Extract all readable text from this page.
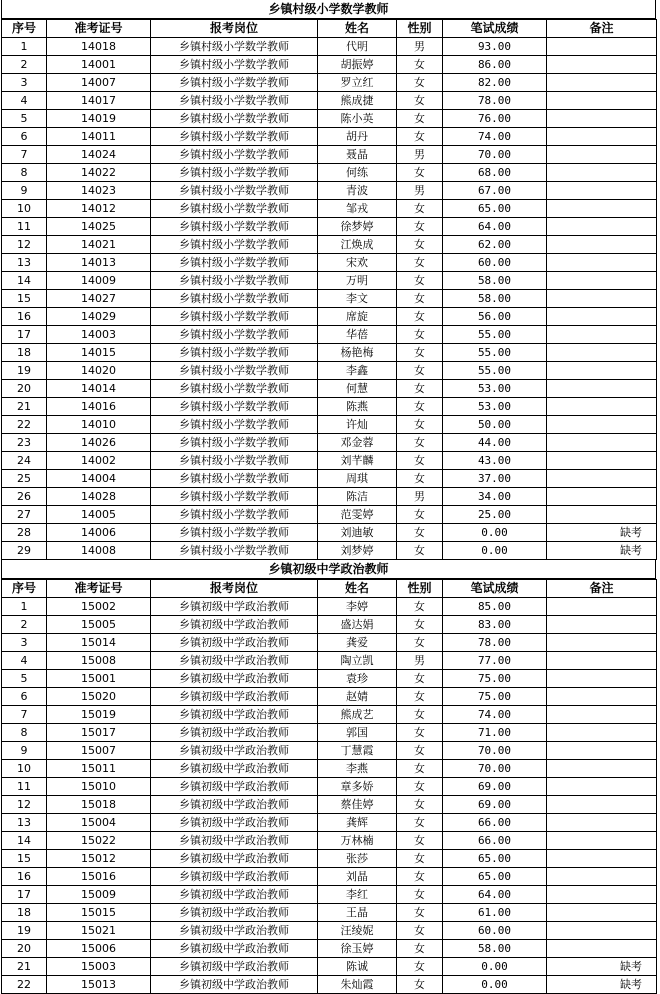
乡镇村级小学数学教师
序号	准考证号	报考岗位	姓名	性别	笔试成绩	备注
1	14018	乡镇村级小学数学教师	代明	男	93.00	
2	14001	乡镇村级小学数学教师	胡振婷	女	86.00	
3	14007	乡镇村级小学数学教师	罗立红	女	82.00	
4	14017	乡镇村级小学数学教师	熊成捷	女	78.00	
5	14019	乡镇村级小学数学教师	陈小英	女	76.00	
6	14011	乡镇村级小学数学教师	胡丹	女	74.00	
7	14024	乡镇村级小学数学教师	聂晶	男	70.00	
8	14022	乡镇村级小学数学教师	何练	女	68.00	
9	14023	乡镇村级小学数学教师	青波	男	67.00	
10	14012	乡镇村级小学数学教师	邹戎	女	65.00	
11	14025	乡镇村级小学数学教师	徐梦婷	女	64.00	
12	14021	乡镇村级小学数学教师	江焕成	女	62.00	
13	14013	乡镇村级小学数学教师	宋欢	女	60.00	
14	14009	乡镇村级小学数学教师	万明	女	58.00	
15	14027	乡镇村级小学数学教师	李文	女	58.00	
16	14029	乡镇村级小学数学教师	席旋	女	56.00	
17	14003	乡镇村级小学数学教师	华蓓	女	55.00	
18	14015	乡镇村级小学数学教师	杨艳梅	女	55.00	
19	14020	乡镇村级小学数学教师	李鑫	女	55.00	
20	14014	乡镇村级小学数学教师	何慧	女	53.00	
21	14016	乡镇村级小学数学教师	陈燕	女	53.00	
22	14010	乡镇村级小学数学教师	许灿	女	50.00	
23	14026	乡镇村级小学数学教师	邓金蓉	女	44.00	
24	14002	乡镇村级小学数学教师	刘芊麟	女	43.00	
25	14004	乡镇村级小学数学教师	周琪	女	37.00	
26	14028	乡镇村级小学数学教师	陈洁	男	34.00	
27	14005	乡镇村级小学数学教师	范雯婷	女	25.00	
28	14006	乡镇村级小学数学教师	刘迪敏	女	0.00	缺考
29	14008	乡镇村级小学数学教师	刘梦婷	女	0.00	缺考
乡镇初级中学政治教师
序号	准考证号	报考岗位	姓名	性别	笔试成绩	备注
1	15002	乡镇初级中学政治教师	李婷	女	85.00	
2	15005	乡镇初级中学政治教师	盛达娟	女	83.00	
3	15014	乡镇初级中学政治教师	龚爱	女	78.00	
4	15008	乡镇初级中学政治教师	陶立凯	男	77.00	
5	15001	乡镇初级中学政治教师	袁珍	女	75.00	
6	15020	乡镇初级中学政治教师	赵婧	女	75.00	
7	15019	乡镇初级中学政治教师	熊成艺	女	74.00	
8	15017	乡镇初级中学政治教师	郭国	女	71.00	
9	15007	乡镇初级中学政治教师	丁慧霞	女	70.00	
10	15011	乡镇初级中学政治教师	李燕	女	70.00	
11	15010	乡镇初级中学政治教师	章多娇	女	69.00	
12	15018	乡镇初级中学政治教师	蔡佳婷	女	69.00	
13	15004	乡镇初级中学政治教师	龚辉	女	66.00	
14	15022	乡镇初级中学政治教师	万林楠	女	66.00	
15	15012	乡镇初级中学政治教师	张莎	女	65.00	
16	15016	乡镇初级中学政治教师	刘晶	女	65.00	
17	15009	乡镇初级中学政治教师	李红	女	64.00	
18	15015	乡镇初级中学政治教师	王晶	女	61.00	
19	15021	乡镇初级中学政治教师	汪绫妮	女	60.00	
20	15006	乡镇初级中学政治教师	徐玉婷	女	58.00	
21	15003	乡镇初级中学政治教师	陈诚	女	0.00	缺考
22	15013	乡镇初级中学政治教师	朱灿霞	女	0.00	缺考
